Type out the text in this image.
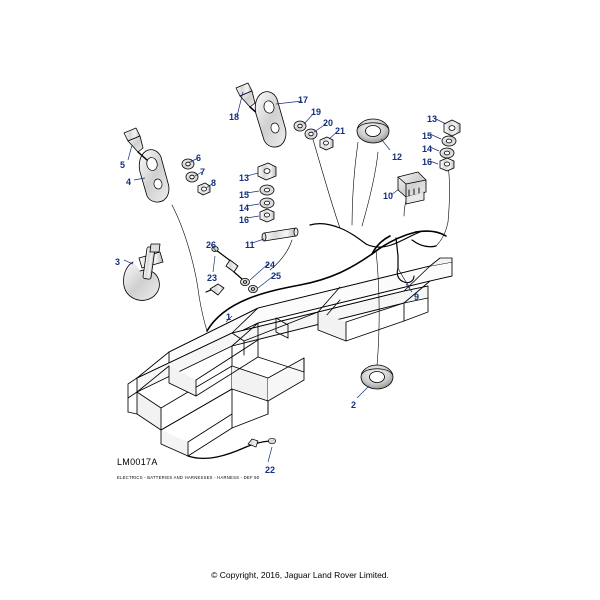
1
2
3
4
5
6
7
8
9
10
11
12
13
14
15
16
13
15
14
16
17
18	19
20
21
22
23
24
25
26
LM0017A
ELECTRICS - BATTERIES AND HARNESSES - HARNESS - DEF 90
© Copyright, 2016, Jaguar Land Rover Limited.
